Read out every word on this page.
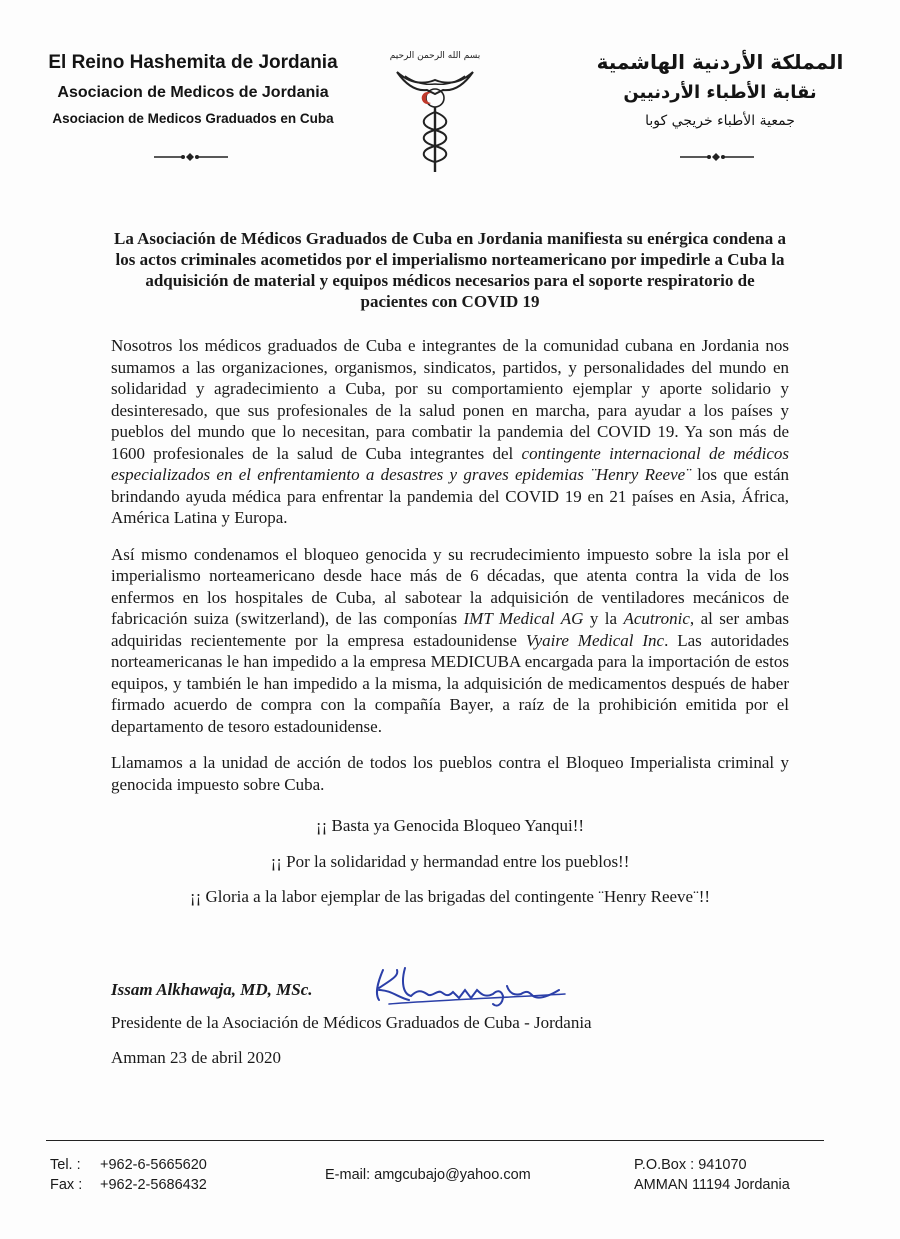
El Reino Hashemita de Jordania
Asociacion de Medicos de Jordania
Asociacion de Medicos Graduados en Cuba
بسم الله الرحمن الرحيم	المملكة الأردنية الهاشمية
نقابة الأطباء الأردنيين
جمعية الأطباء خريجي كوبا
La Asociación de Médicos Graduados de Cuba en Jordania manifiesta su enérgica condena a los actos criminales acometidos por el imperialismo norteamericano por impedirle a Cuba la adquisición de material y equipos médicos necesarios para el soporte respiratorio de pacientes con COVID 19

Nosotros los médicos graduados de Cuba e integrantes de la comunidad cubana en Jordania nos sumamos a las organizaciones, organismos, sindicatos, partidos, y personalidades del mundo en solidaridad y agradecimiento a Cuba, por su comportamiento ejemplar y aporte solidario y desinteresado, que sus profesionales de la salud ponen en marcha, para ayudar a los países y pueblos del mundo que lo necesitan, para combatir la pandemia del COVID 19. Ya son más de 1600 profesionales de la salud de Cuba integrantes del contingente internacional de médicos especializados en el enfrentamiento a desastres y graves epidemias ¨Henry Reeve¨ los que están brindando ayuda médica para enfrentar la pandemia del COVID 19 en 21 países en Asia, África, América Latina y Europa.

Así mismo condenamos el bloqueo genocida y su recrudecimiento impuesto sobre la isla por el imperialismo norteamericano desde hace más de 6 décadas, que atenta contra la vida de los enfermos en los hospitales de Cuba, al sabotear la adquisición de ventiladores mecánicos de fabricación suiza (switzerland), de las componías IMT Medical AG y la Acutronic, al ser ambas adquiridas recientemente por la empresa estadounidense Vyaire Medical Inc. Las autoridades norteamericanas le han impedido a la empresa MEDICUBA encargada para la importación de estos equipos, y también le han impedido a la misma, la adquisición de medicamentos después de haber firmado acuerdo de compra con la compañía Bayer, a raíz de la prohibición emitida por el departamento de tesoro estadounidense.

Llamamos a la unidad de acción de todos los pueblos contra el Bloqueo Imperialista criminal y genocida impuesto sobre Cuba.

¡¡ Basta ya Genocida Bloqueo Yanqui!!
¡¡ Por la solidaridad y hermandad entre los pueblos!!
¡¡ Gloria a la labor ejemplar de las brigadas del contingente ¨Henry Reeve¨!!
Issam Alkhawaja, MD, MSc.
Presidente de la Asociación de Médicos Graduados de Cuba - Jordania
Amman 23 de abril 2020
Tel. : +962-6-5665620
Fax : +962-2-5686432
E-mail: amgcubajo@yahoo.com
P.O.Box : 941070
AMMAN 11194 Jordania
